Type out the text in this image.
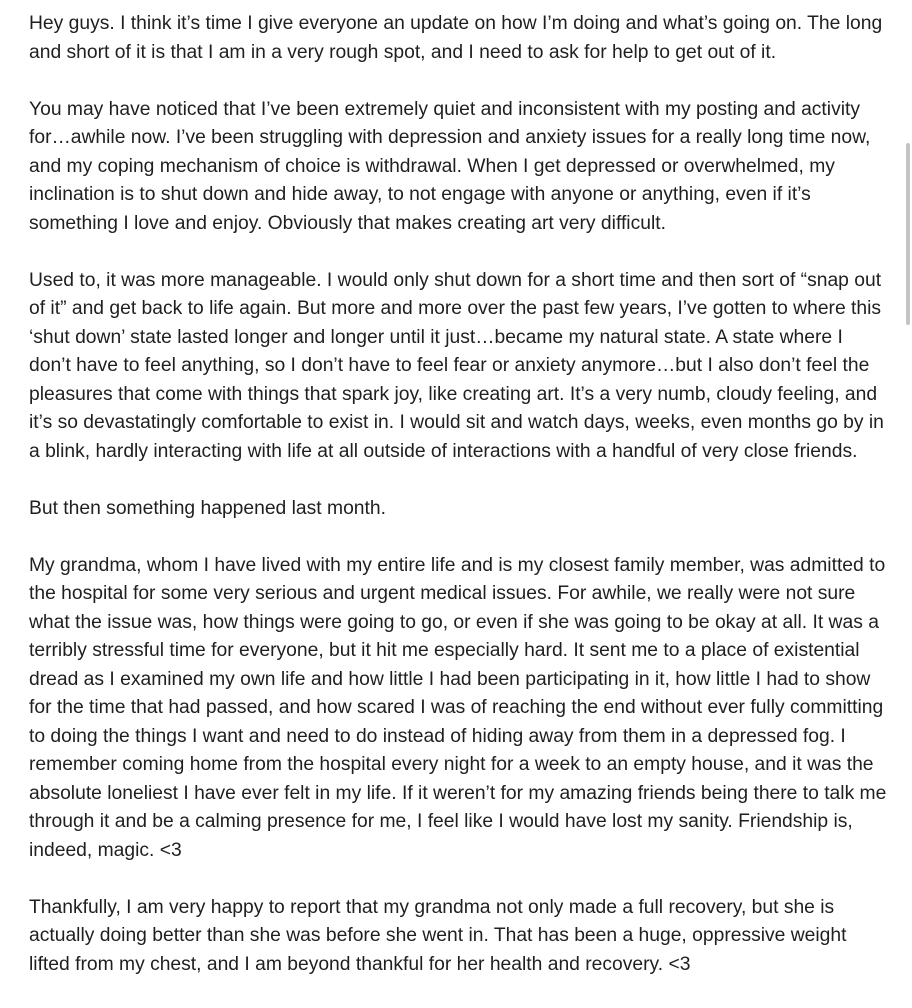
Hey guys. I think it’s time I give everyone an update on how I’m doing and what’s going on. The long and short of it is that I am in a very rough spot, and I need to ask for help to get out of it.

You may have noticed that I’ve been extremely quiet and inconsistent with my posting and activity for…awhile now. I’ve been struggling with depression and anxiety issues for a really long time now, and my coping mechanism of choice is withdrawal. When I get depressed or overwhelmed, my inclination is to shut down and hide away, to not engage with anyone or anything, even if it’s something I love and enjoy. Obviously that makes creating art very difficult.

Used to, it was more manageable. I would only shut down for a short time and then sort of “snap out of it” and get back to life again. But more and more over the past few years, I’ve gotten to where this ‘shut down’ state lasted longer and longer until it just…became my natural state. A state where I don’t have to feel anything, so I don’t have to feel fear or anxiety anymore…but I also don’t feel the pleasures that come with things that spark joy, like creating art. It’s a very numb, cloudy feeling, and it’s so devastatingly comfortable to exist in. I would sit and watch days, weeks, even months go by in a blink, hardly interacting with life at all outside of interactions with a handful of very close friends.

But then something happened last month.

My grandma, whom I have lived with my entire life and is my closest family member, was admitted to the hospital for some very serious and urgent medical issues. For awhile, we really were not sure what the issue was, how things were going to go, or even if she was going to be okay at all. It was a terribly stressful time for everyone, but it hit me especially hard. It sent me to a place of existential dread as I examined my own life and how little I had been participating in it, how little I had to show for the time that had passed, and how scared I was of reaching the end without ever fully committing to doing the things I want and need to do instead of hiding away from them in a depressed fog. I remember coming home from the hospital every night for a week to an empty house, and it was the absolute loneliest I have ever felt in my life. If it weren’t for my amazing friends being there to talk me through it and be a calming presence for me, I feel like I would have lost my sanity. Friendship is, indeed, magic. <3

Thankfully, I am very happy to report that my grandma not only made a full recovery, but she is actually doing better than she was before she went in. That has been a huge, oppressive weight lifted from my chest, and I am beyond thankful for her health and recovery. <3
